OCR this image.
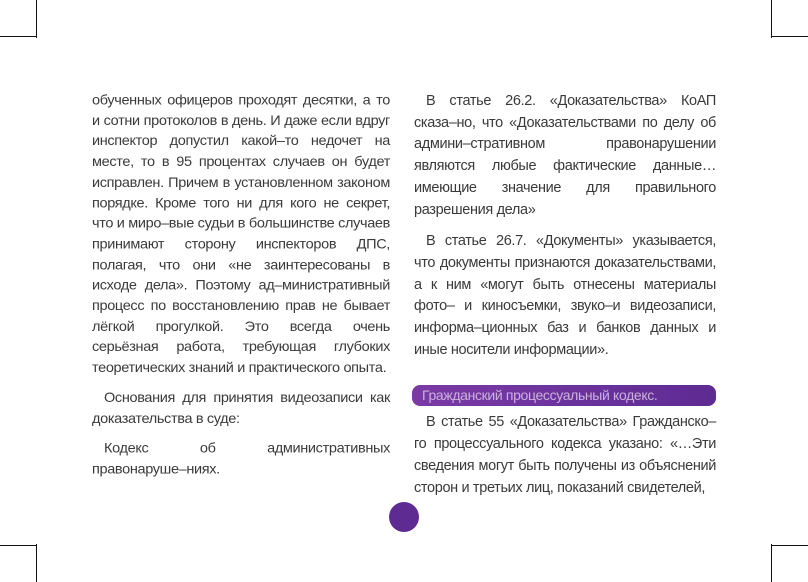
обученных офицеров проходят десятки, а то и сотни протоколов в день. И даже если вдруг инспектор допустил какой–то недочет на месте, то в 95 процентах случаев он будет исправлен. Причем в установленном законом порядке. Кроме того ни для кого не секрет, что и миро–вые судьи в большинстве случаев принимают сторону инспекторов ДПС, полагая, что они «не заинтересованы в исходе дела». Поэтому ад–министративный процесс по восстановлению прав не бывает лёгкой прогулкой. Это всегда очень серьёзная работа, требующая глубоких теоретических знаний и практического опыта.

Основания для принятия видеозаписи как доказательства в суде:

Кодекс об административных правонаруше–ниях.

В статье 26.2. «Доказательства» КоАП сказа–но, что «Доказательствами по делу об админи–стративном правонарушении являются любые фактические данные… имеющие значение для правильного разрешения дела»

В статье 26.7. «Документы» указывается, что документы признаются доказательствами, а к ним «могут быть отнесены материалы фото– и киносъемки, звуко–и видеозаписи, информа–ционных баз и банков данных и иные носители информации».

Гражданский процессуальный кодекс.

В статье 55 «Доказательства» Гражданско–го процессуального кодекса указано: «…Эти сведения могут быть получены из объяснений сторон и третьих лиц, показаний свидетелей,
